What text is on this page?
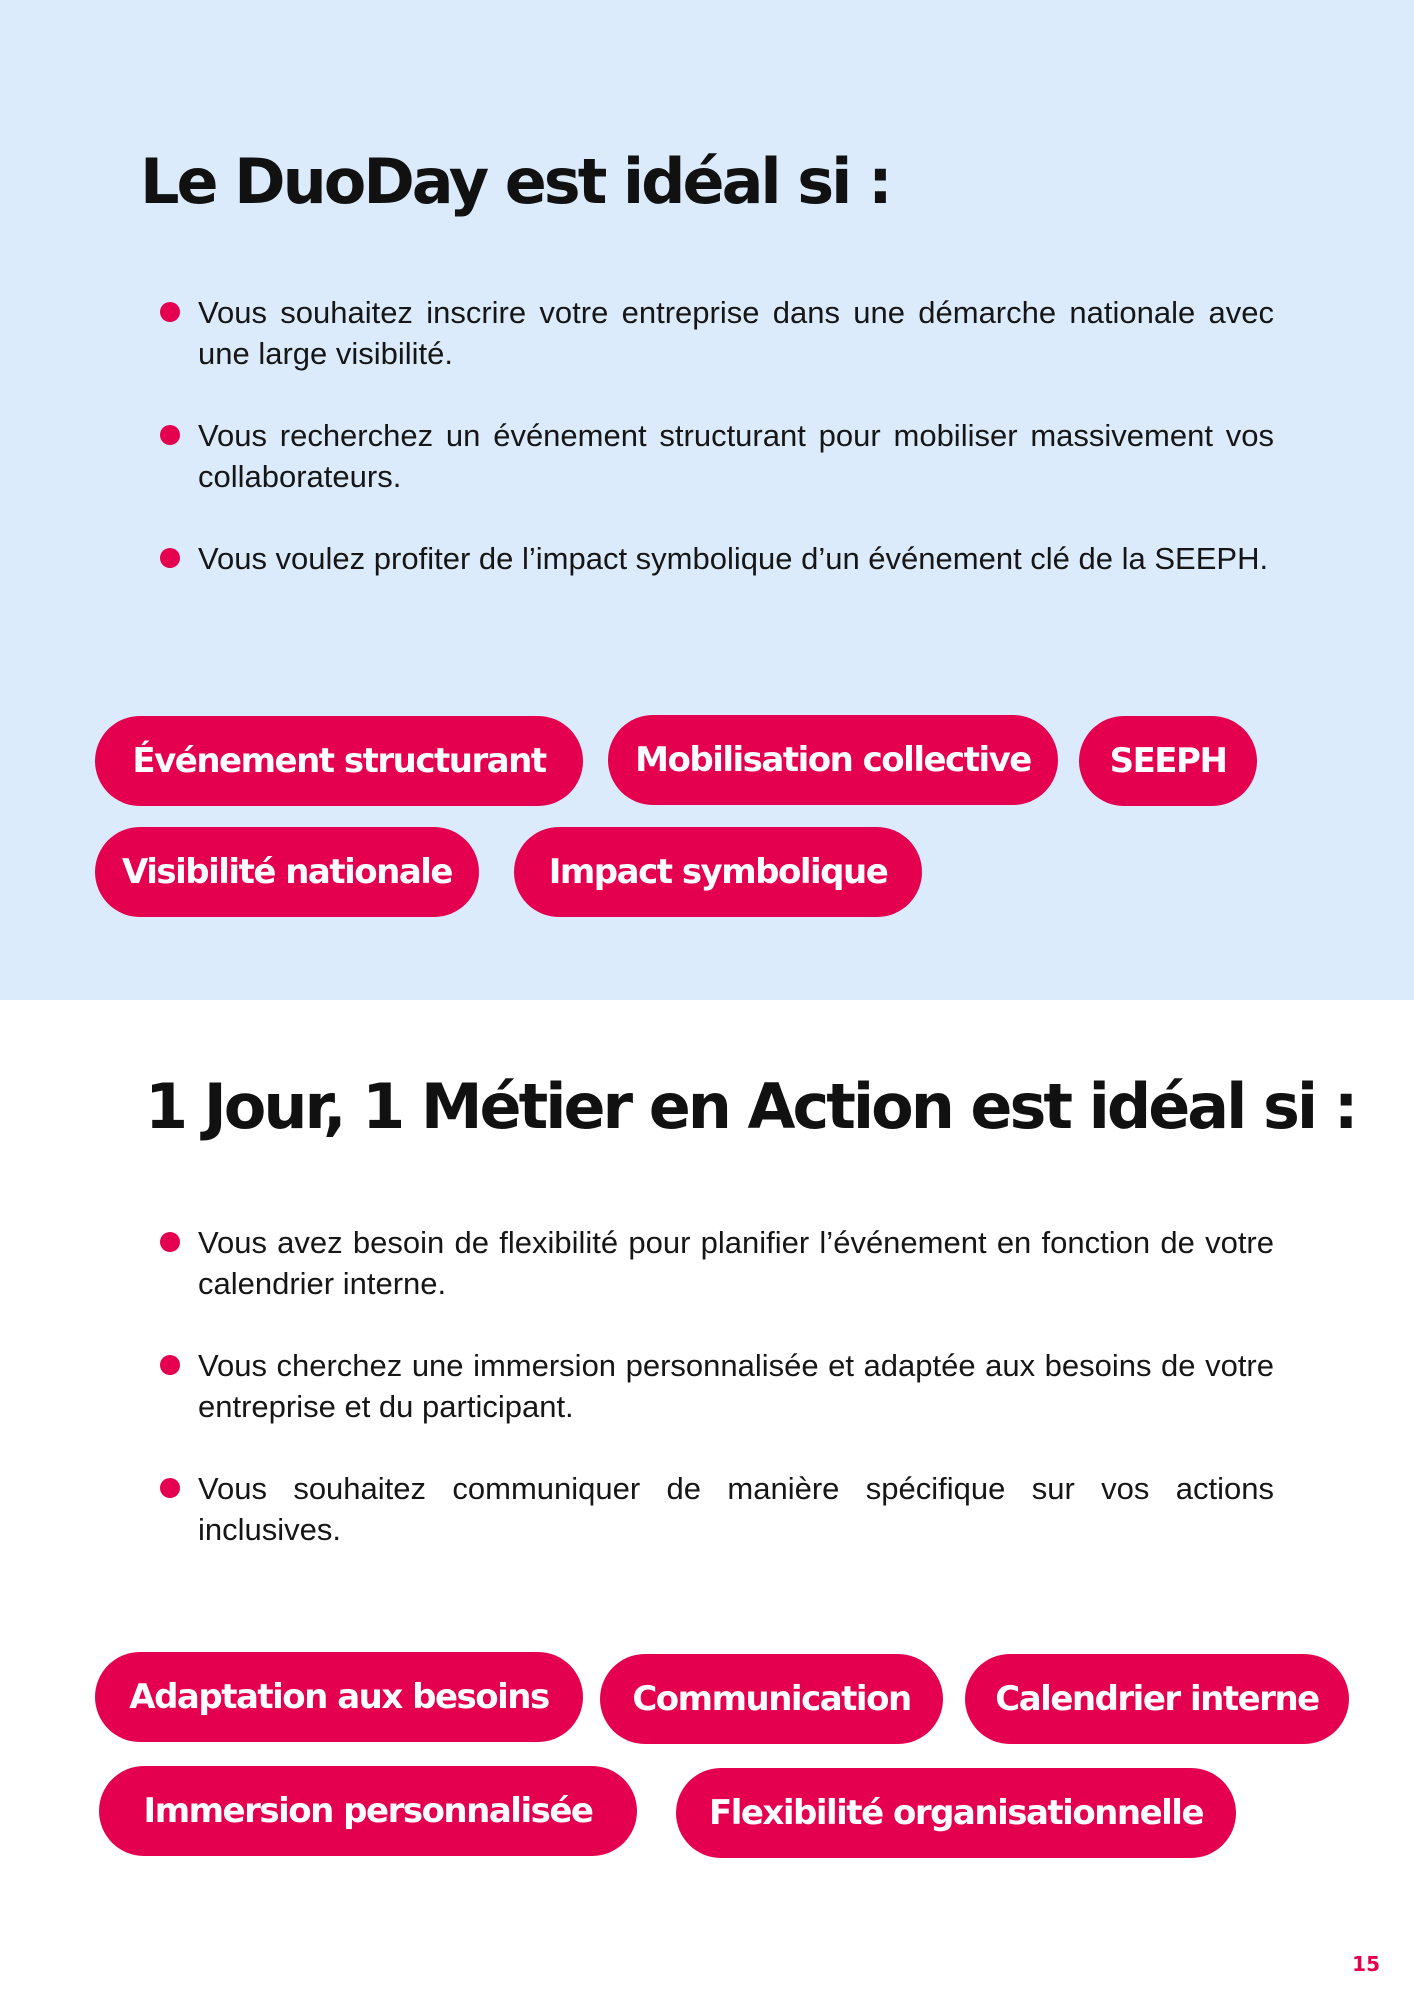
Le DuoDay est idéal si :
Vous souhaitez inscrire votre entreprise dans une démarche nationale avec une large visibilité.
Vous recherchez un événement structurant pour mobiliser massivement vos collaborateurs.
Vous voulez profiter de l’impact symbolique d’un événement clé de la SEEPH.
Événement structurant	Mobilisation collective	SEEPH
Visibilité nationale	Impact symbolique
1 Jour, 1 Métier en Action est idéal si :
Vous avez besoin de flexibilité pour planifier l’événement en fonction de votre calendrier interne.
Vous cherchez une immersion personnalisée et adaptée aux besoins de votre entreprise et du participant.
Vous souhaitez communiquer de manière spécifique sur vos actions inclusives.
Adaptation aux besoins	Communication	Calendrier interne
Immersion personnalisée	Flexibilité organisationnelle
15
